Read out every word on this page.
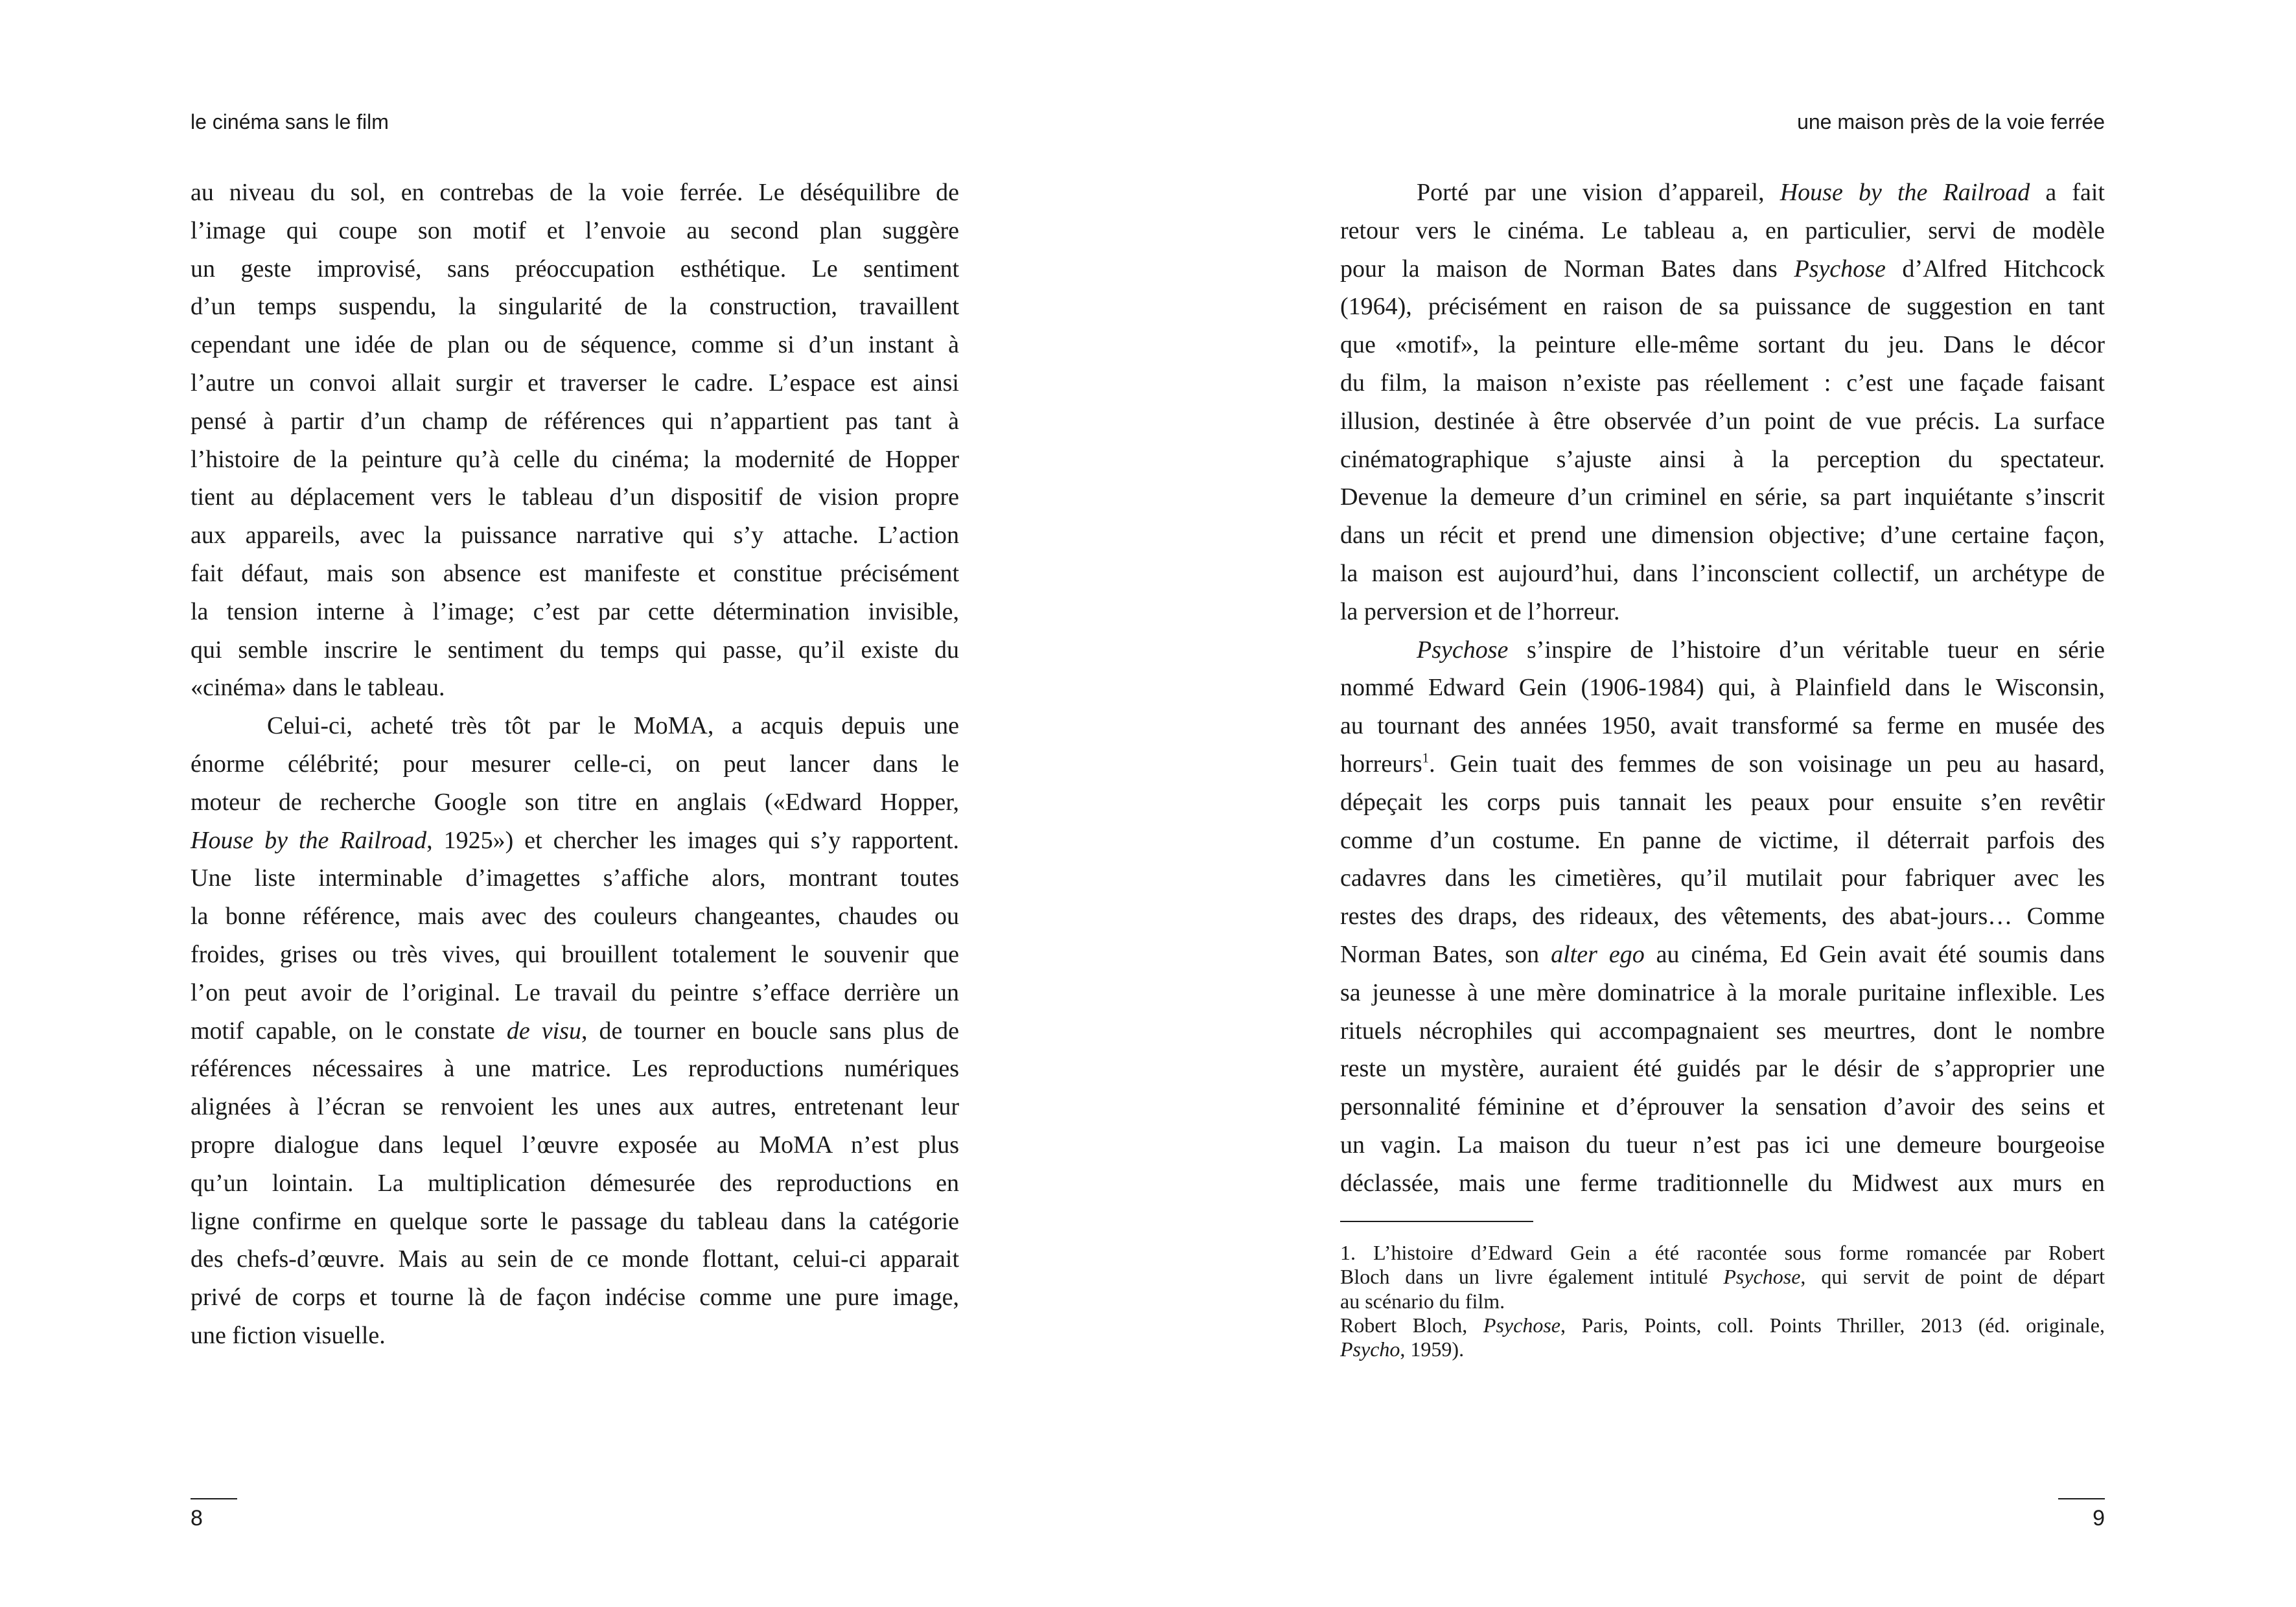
le cinéma sans le film	une maison près de la voie ferrée
au niveau du sol, en contrebas de la voie ferrée. Le déséquilibre de
l’image qui coupe son motif et l’envoie au second plan suggère
un geste improvisé, sans préoccupation esthétique. Le sentiment
d’un temps suspendu, la singularité de la construction, travaillent
cependant une idée de plan ou de séquence, comme si d’un instant à
l’autre un convoi allait surgir et traverser le cadre. L’espace est ainsi
pensé à partir d’un champ de références qui n’appartient pas tant à
l’histoire de la peinture qu’à celle du cinéma; la modernité de Hopper
tient au déplacement vers le tableau d’un dispositif de vision propre
aux appareils, avec la puissance narrative qui s’y attache. L’action
fait défaut, mais son absence est manifeste et constitue précisément
la tension interne à l’image; c’est par cette détermination invisible,
qui semble inscrire le sentiment du temps qui passe, qu’il existe du
«cinéma» dans le tableau.
Celui-ci, acheté très tôt par le MoMA, a acquis depuis une
énorme célébrité; pour mesurer celle-ci, on peut lancer dans le
moteur de recherche Google son titre en anglais («Edward Hopper,
House by the Railroad, 1925») et chercher les images qui s’y rapportent.
Une liste interminable d’imagettes s’affiche alors, montrant toutes
la bonne référence, mais avec des couleurs changeantes, chaudes ou
froides, grises ou très vives, qui brouillent totalement le souvenir que
l’on peut avoir de l’original. Le travail du peintre s’efface derrière un
motif capable, on le constate de visu, de tourner en boucle sans plus de
références nécessaires à une matrice. Les reproductions numériques
alignées à l’écran se renvoient les unes aux autres, entretenant leur
propre dialogue dans lequel l’œuvre exposée au MoMA n’est plus
qu’un lointain. La multiplication démesurée des reproductions en
ligne confirme en quelque sorte le passage du tableau dans la catégorie
des chefs-d’œuvre. Mais au sein de ce monde flottant, celui-ci apparait
privé de corps et tourne là de façon indécise comme une pure image,
une fiction visuelle.
Porté par une vision d’appareil, House by the Railroad a fait
retour vers le cinéma. Le tableau a, en particulier, servi de modèle
pour la maison de Norman Bates dans Psychose d’Alfred Hitchcock
(1964), précisément en raison de sa puissance de suggestion en tant
que «motif», la peinture elle-même sortant du jeu. Dans le décor
du film, la maison n’existe pas réellement : c’est une façade faisant
illusion, destinée à être observée d’un point de vue précis. La surface
cinématographique s’ajuste ainsi à la perception du spectateur.
Devenue la demeure d’un criminel en série, sa part inquiétante s’inscrit
dans un récit et prend une dimension objective; d’une certaine façon,
la maison est aujourd’hui, dans l’inconscient collectif, un archétype de
la perversion et de l’horreur.
Psychose s’inspire de l’histoire d’un véritable tueur en série
nommé Edward Gein (1906-1984) qui, à Plainfield dans le Wisconsin,
au tournant des années 1950, avait transformé sa ferme en musée des
horreurs$^1$. Gein tuait des femmes de son voisinage un peu au hasard,
dépeçait les corps puis tannait les peaux pour ensuite s’en revêtir
comme d’un costume. En panne de victime, il déterrait parfois des
cadavres dans les cimetières, qu’il mutilait pour fabriquer avec les
restes des draps, des rideaux, des vêtements, des abat-jours… Comme
Norman Bates, son alter ego au cinéma, Ed Gein avait été soumis dans
sa jeunesse à une mère dominatrice à la morale puritaine inflexible. Les
rituels nécrophiles qui accompagnaient ses meurtres, dont le nombre
reste un mystère, auraient été guidés par le désir de s’approprier une
personnalité féminine et d’éprouver la sensation d’avoir des seins et
un vagin. La maison du tueur n’est pas ici une demeure bourgeoise
déclassée, mais une ferme traditionnelle du Midwest aux murs en
1. L’histoire d’Edward Gein a été racontée sous forme romancée par Robert
Bloch dans un livre également intitulé Psychose, qui servit de point de départ
au scénario du film.
Robert Bloch, Psychose, Paris, Points, coll. Points Thriller, 2013 (éd. originale,
Psycho, 1959).
8	9
